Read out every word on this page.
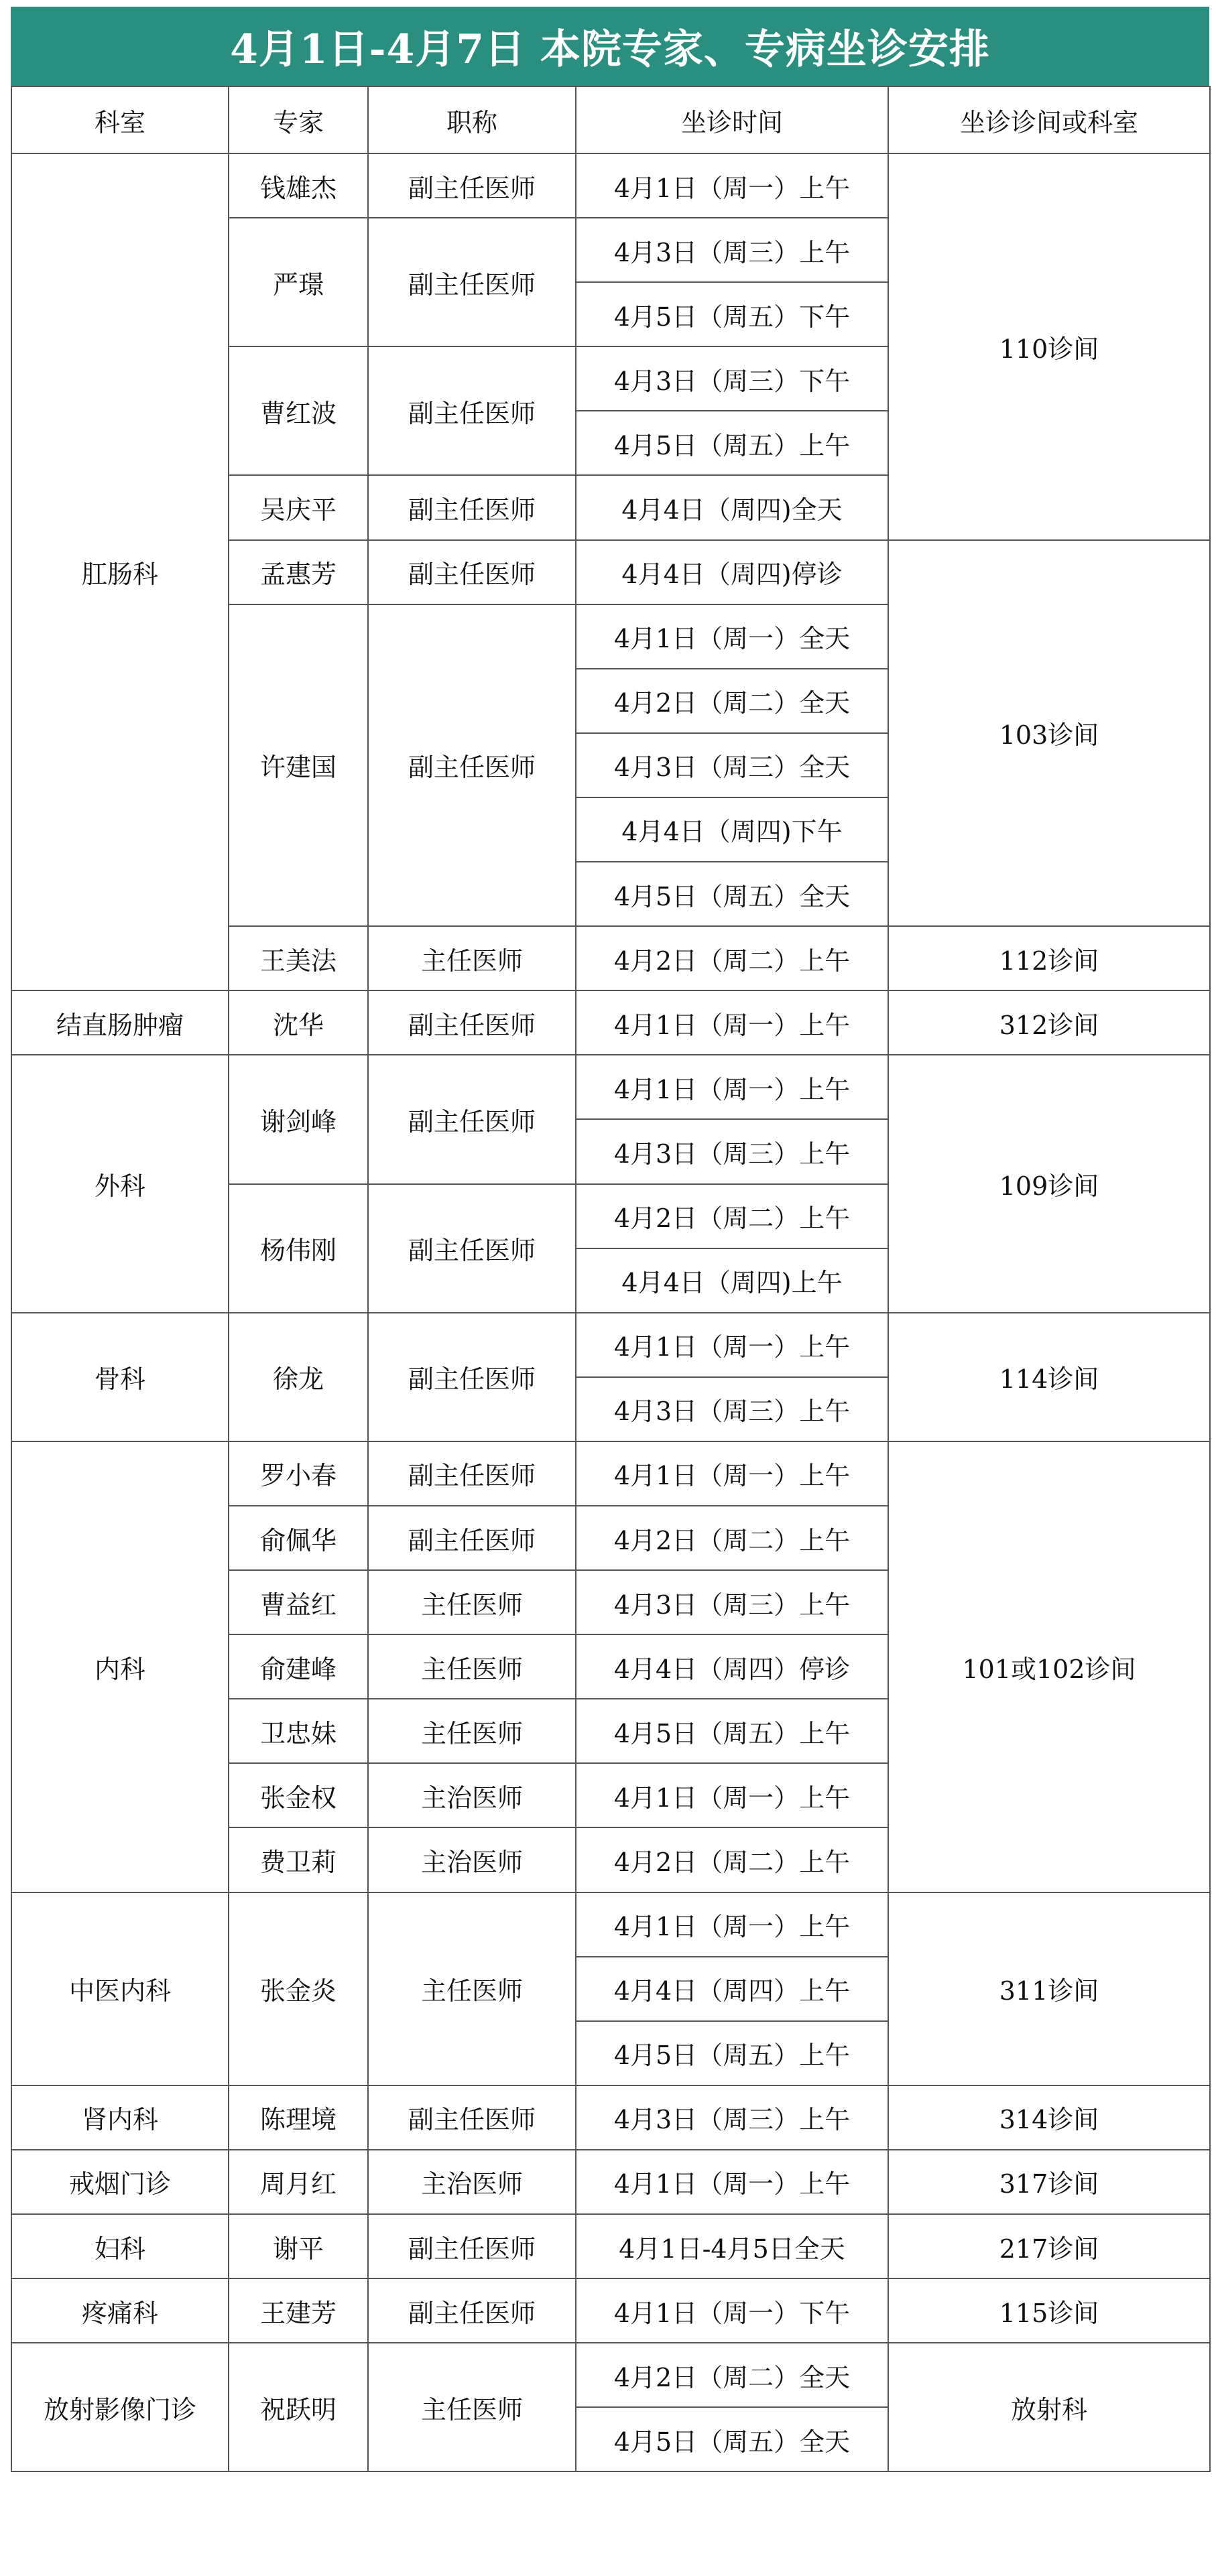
4月1日-4月7日 本院专家、专病坐诊安排
科室	专家	职称	坐诊时间	坐诊诊间或科室
肛肠科	钱雄杰	副主任医师	4月1日（周一）上午	110诊间
	严璟	副主任医师	4月3日（周三）上午	
			4月5日（周五）下午	
	曹红波	副主任医师	4月3日（周三）下午	
			4月5日（周五）上午	
	吴庆平	副主任医师	4月4日（周四)全天	
	孟惠芳	副主任医师	4月4日（周四)停诊	103诊间
	许建国	副主任医师	4月1日（周一）全天	
			4月2日（周二）全天	
			4月3日（周三）全天	
			4月4日（周四)下午	
			4月5日（周五）全天	
	王美法	主任医师	4月2日（周二）上午	112诊间
结直肠肿瘤	沈华	副主任医师	4月1日（周一）上午	312诊间
外科	谢剑峰	副主任医师	4月1日（周一）上午	109诊间
			4月3日（周三）上午	
	杨伟刚	副主任医师	4月2日（周二）上午	
			4月4日（周四)上午	
骨科	徐龙	副主任医师	4月1日（周一）上午	114诊间
			4月3日（周三）上午	
内科	罗小春	副主任医师	4月1日（周一）上午	101或102诊间
	俞佩华	副主任医师	4月2日（周二）上午	
	曹益红	主任医师	4月3日（周三）上午	
	俞建峰	主任医师	4月4日（周四）停诊	
	卫忠妹	主任医师	4月5日（周五）上午	
	张金权	主治医师	4月1日（周一）上午	
	费卫莉	主治医师	4月2日（周二）上午	
中医内科	张金炎	主任医师	4月1日（周一）上午	311诊间
			4月4日（周四）上午	
			4月5日（周五）上午	
肾内科	陈理境	副主任医师	4月3日（周三）上午	314诊间
戒烟门诊	周月红	主治医师	4月1日（周一）上午	317诊间
妇科	谢平	副主任医师	4月1日-4月5日全天	217诊间
疼痛科	王建芳	副主任医师	4月1日（周一）下午	115诊间
放射影像门诊	祝跃明	主任医师	4月2日（周二）全天	放射科
			4月5日（周五）全天	
